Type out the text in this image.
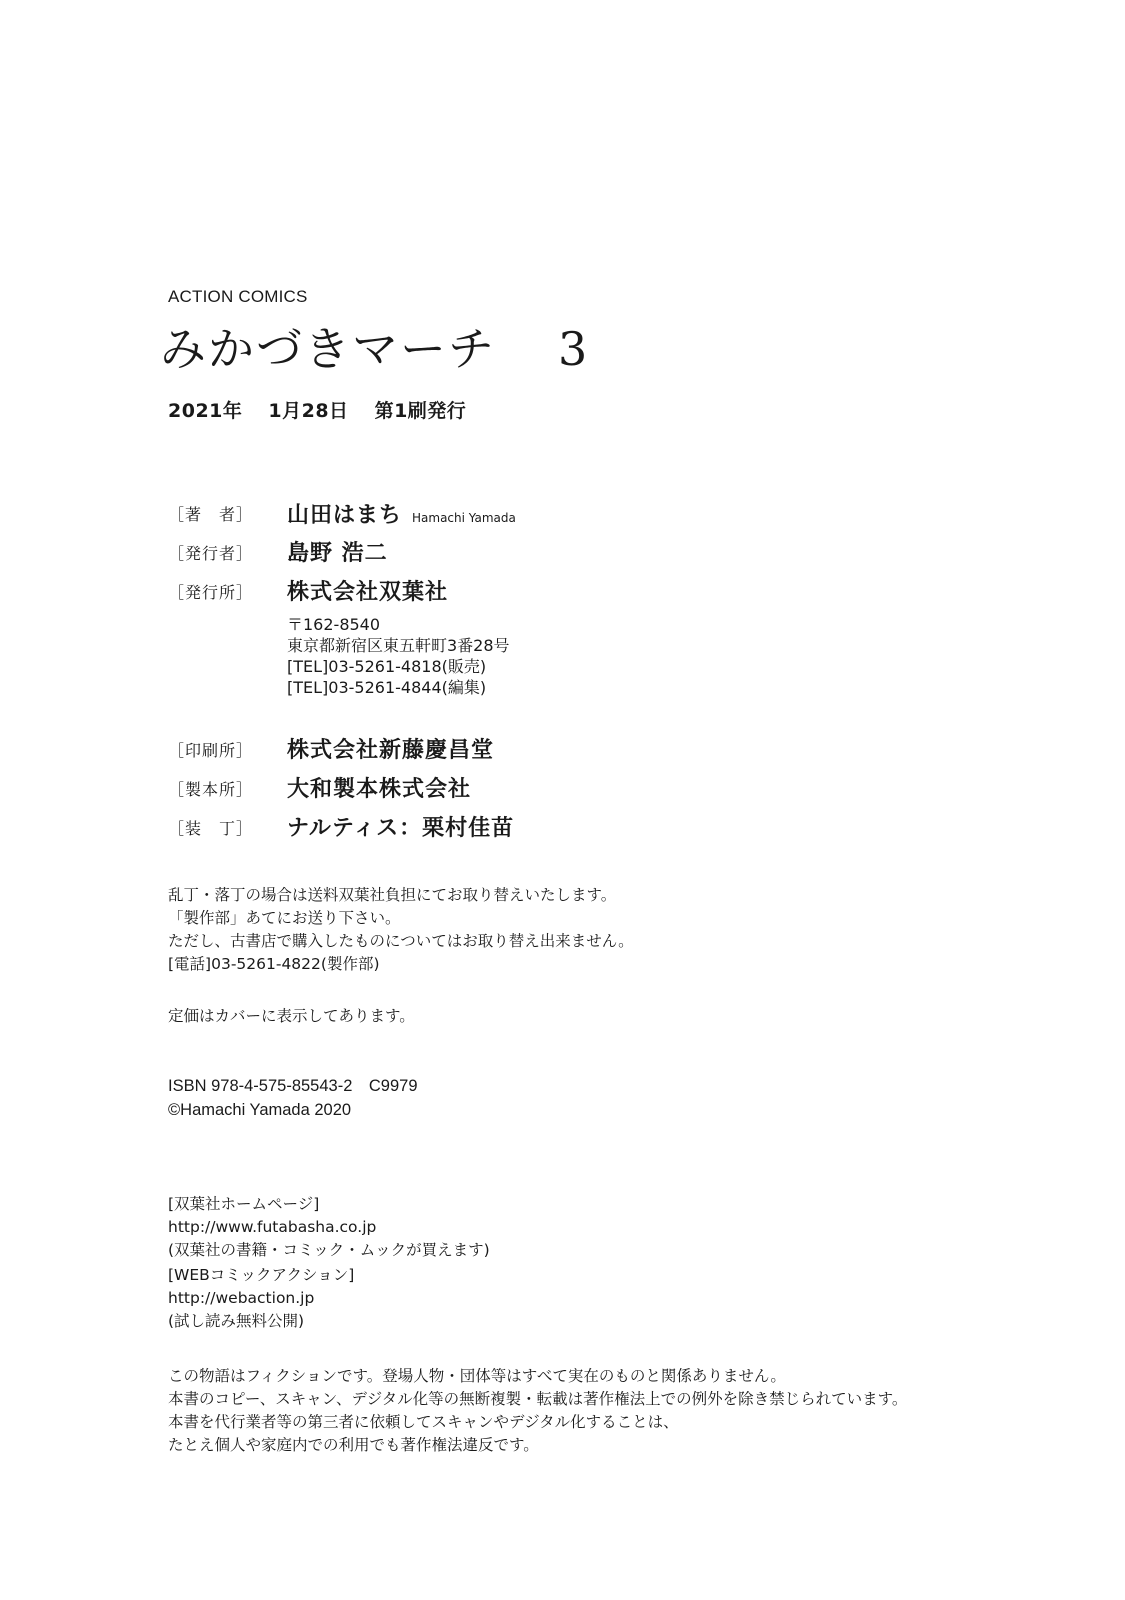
ACTION COMICS
みかづきマーチ 3
2021年 1月28日 第1刷発行
［著　者］ 山田はまち Hamachi Yamada
［発行者］ 島野 浩二
［発行所］ 株式会社双葉社
〒162-8540
東京都新宿区東五軒町3番28号
[TEL]03-5261-4818(販売)
[TEL]03-5261-4844(編集)
［印刷所］ 株式会社新藤慶昌堂
［製本所］ 大和製本株式会社
［装　丁］ ナルティス：栗村佳苗
乱丁・落丁の場合は送料双葉社負担にてお取り替えいたします。
「製作部」あてにお送り下さい。
ただし、古書店で購入したものについてはお取り替え出来ません。
[電話]03-5261-4822(製作部)
定価はカバーに表示してあります。
ISBN 978-4-575-85543-2　C9979
©Hamachi Yamada 2020
[双葉社ホームページ]
http://www.futabasha.co.jp
(双葉社の書籍・コミック・ムックが買えます)
[WEBコミックアクション]
http://webaction.jp
(試し読み無料公開)
この物語はフィクションです。登場人物・団体等はすべて実在のものと関係ありません。
本書のコピー、スキャン、デジタル化等の無断複製・転載は著作権法上での例外を除き禁じられています。
本書を代行業者等の第三者に依頼してスキャンやデジタル化することは、
たとえ個人や家庭内での利用でも著作権法違反です。
